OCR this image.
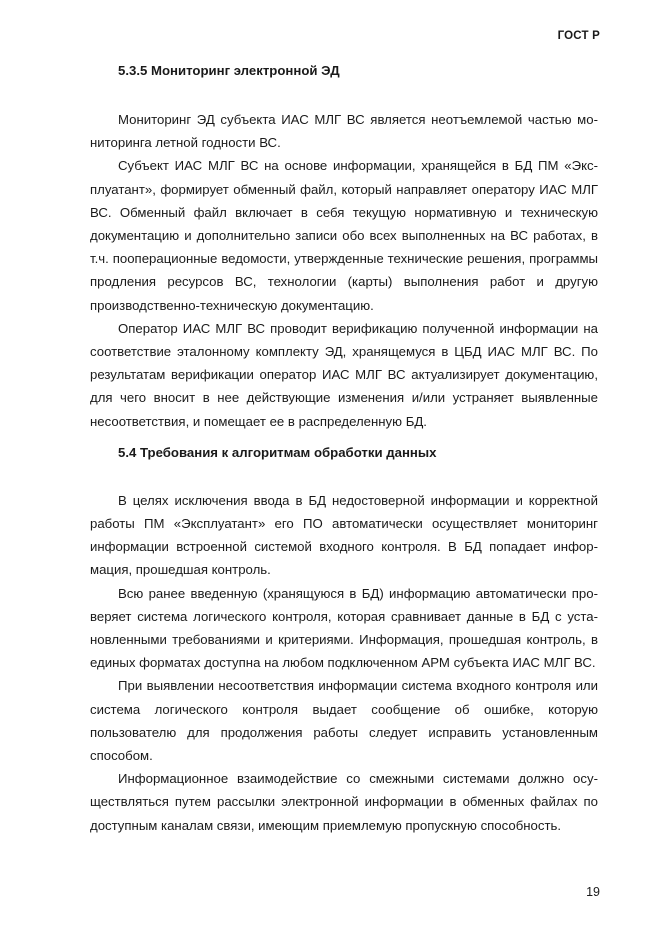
ГОСТ Р
5.3.5 Мониторинг электронной ЭД

Мониторинг ЭД субъекта ИАС МЛГ ВС является неотъемлемой частью мониторинга летной годности ВС.

Субъект ИАС МЛГ ВС на основе информации, хранящейся в БД ПМ «Эксплуатант», формирует обменный файл, который направляет оператору ИАС МЛГ ВС. Обменный файл включает в себя текущую нормативную и техническую документацию и дополнительно записи обо всех выполненных на ВС работах, в т.ч. пооперационные ведомости, утвержденные технические решения, программы продления ресурсов ВС, технологии (карты) выполнения работ и другую производственно-техническую документацию.

Оператор ИАС МЛГ ВС проводит верификацию полученной информации на соответствие эталонному комплекту ЭД, хранящемуся в ЦБД ИАС МЛГ ВС. По результатам верификации оператор ИАС МЛГ ВС актуализирует документацию, для чего вносит в нее действующие изменения и/или устраняет выявленные несоответствия, и помещает ее в распределенную БД.

5.4 Требования к алгоритмам обработки данных

В целях исключения ввода в БД недостоверной информации и корректной работы ПМ «Эксплуатант» его ПО автоматически осуществляет мониторинг информации встроенной системой входного контроля. В БД попадает информация, прошедшая контроль.

Всю ранее введенную (хранящуюся в БД) информацию автоматически проверяет система логического контроля, которая сравнивает данные в БД с установленными требованиями и критериями. Информация, прошедшая контроль, в единых форматах доступна на любом подключенном АРМ субъекта ИАС МЛГ ВС.

При выявлении несоответствия информации система входного контроля или система логического контроля выдает сообщение об ошибке, которую пользователю для продолжения работы следует исправить установленным способом.

Информационное взаимодействие со смежными системами должно осуществляться путем рассылки электронной информации в обменных файлах по доступным каналам связи, имеющим приемлемую пропускную способность.

19
